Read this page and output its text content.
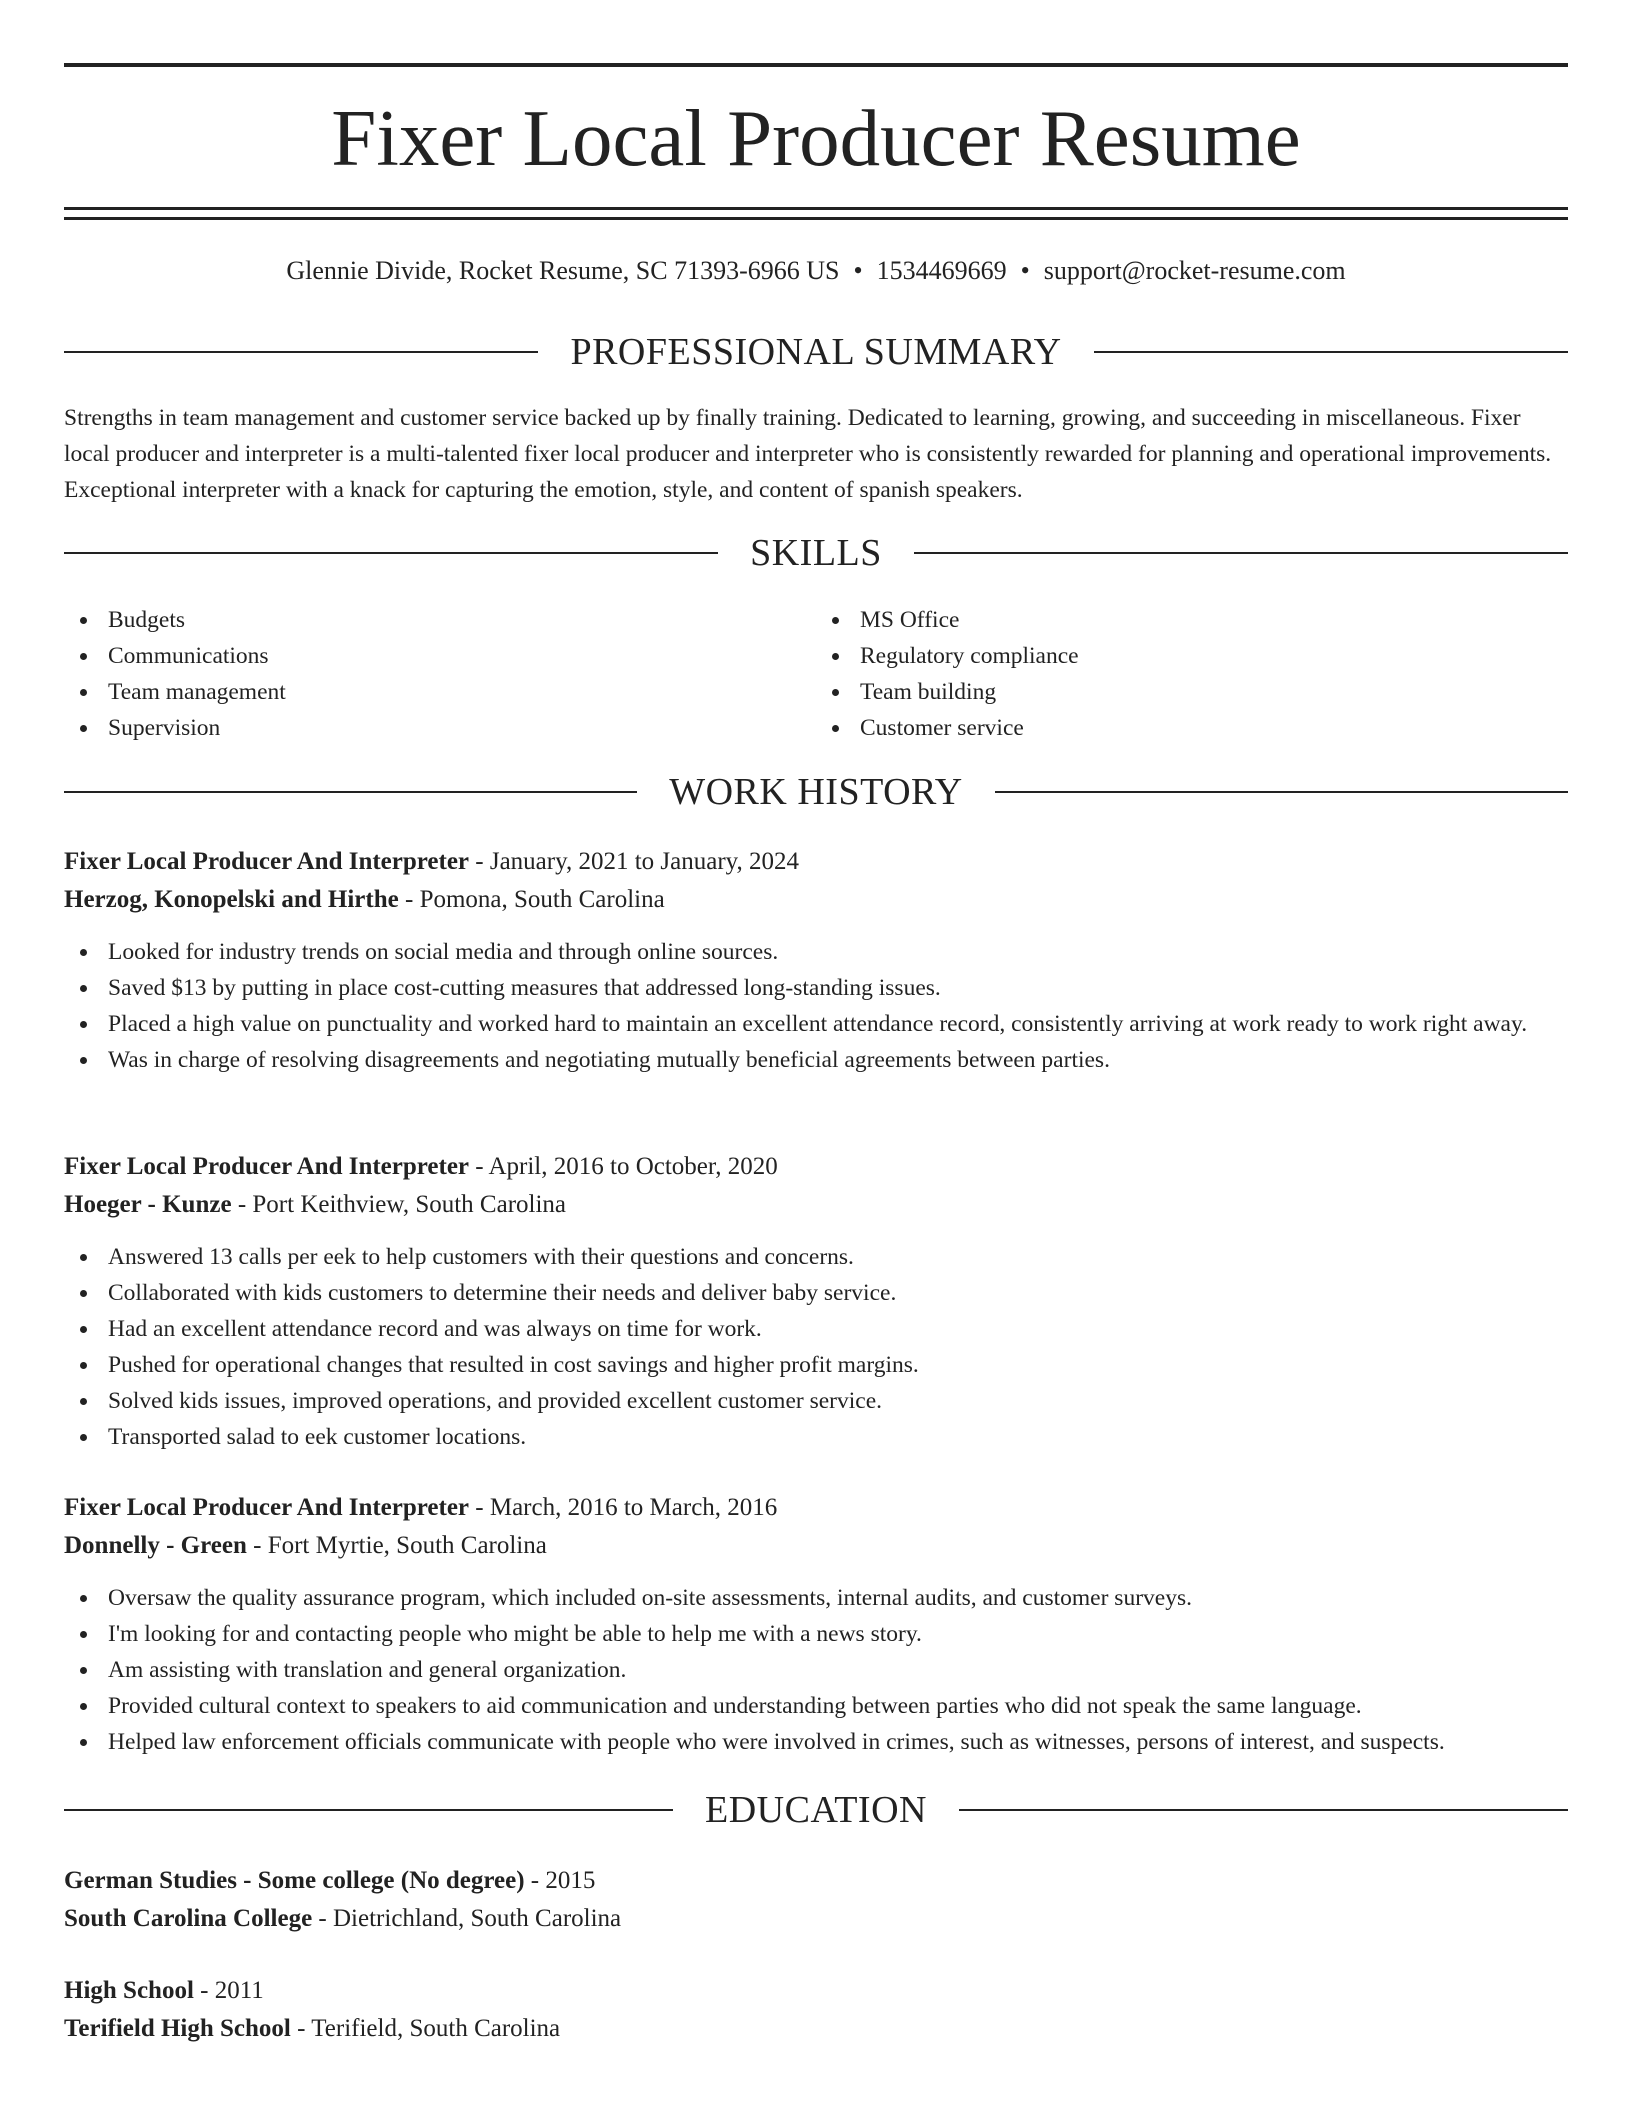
Fixer Local Producer Resume
Glennie Divide, Rocket Resume, SC 71393-6966 US • 1534469669 • support@rocket-resume.com
PROFESSIONAL SUMMARY

Strengths in team management and customer service backed up by finally training. Dedicated to learning, growing, and succeeding in miscellaneous. Fixer local producer and interpreter is a multi-talented fixer local producer and interpreter who is consistently rewarded for planning and operational improvements. Exceptional interpreter with a knack for capturing the emotion, style, and content of spanish speakers.

SKILLS
Budgets
Communications
Team management
Supervision
MS Office
Regulatory compliance
Team building
Customer service
WORK HISTORY
Fixer Local Producer And Interpreter - January, 2021 to January, 2024
Herzog, Konopelski and Hirthe - Pomona, South Carolina
Looked for industry trends on social media and through online sources.
Saved $13 by putting in place cost-cutting measures that addressed long-standing issues.
Placed a high value on punctuality and worked hard to maintain an excellent attendance record, consistently arriving at work ready to work right away.
Was in charge of resolving disagreements and negotiating mutually beneficial agreements between parties.
Fixer Local Producer And Interpreter - April, 2016 to October, 2020
Hoeger - Kunze - Port Keithview, South Carolina
Answered 13 calls per eek to help customers with their questions and concerns.
Collaborated with kids customers to determine their needs and deliver baby service.
Had an excellent attendance record and was always on time for work.
Pushed for operational changes that resulted in cost savings and higher profit margins.
Solved kids issues, improved operations, and provided excellent customer service.
Transported salad to eek customer locations.
Fixer Local Producer And Interpreter - March, 2016 to March, 2016
Donnelly - Green - Fort Myrtie, South Carolina
Oversaw the quality assurance program, which included on-site assessments, internal audits, and customer surveys.
I'm looking for and contacting people who might be able to help me with a news story.
Am assisting with translation and general organization.
Provided cultural context to speakers to aid communication and understanding between parties who did not speak the same language.
Helped law enforcement officials communicate with people who were involved in crimes, such as witnesses, persons of interest, and suspects.
EDUCATION
German Studies - Some college (No degree) - 2015
South Carolina College - Dietrichland, South Carolina
High School - 2011
Terifield High School - Terifield, South Carolina
